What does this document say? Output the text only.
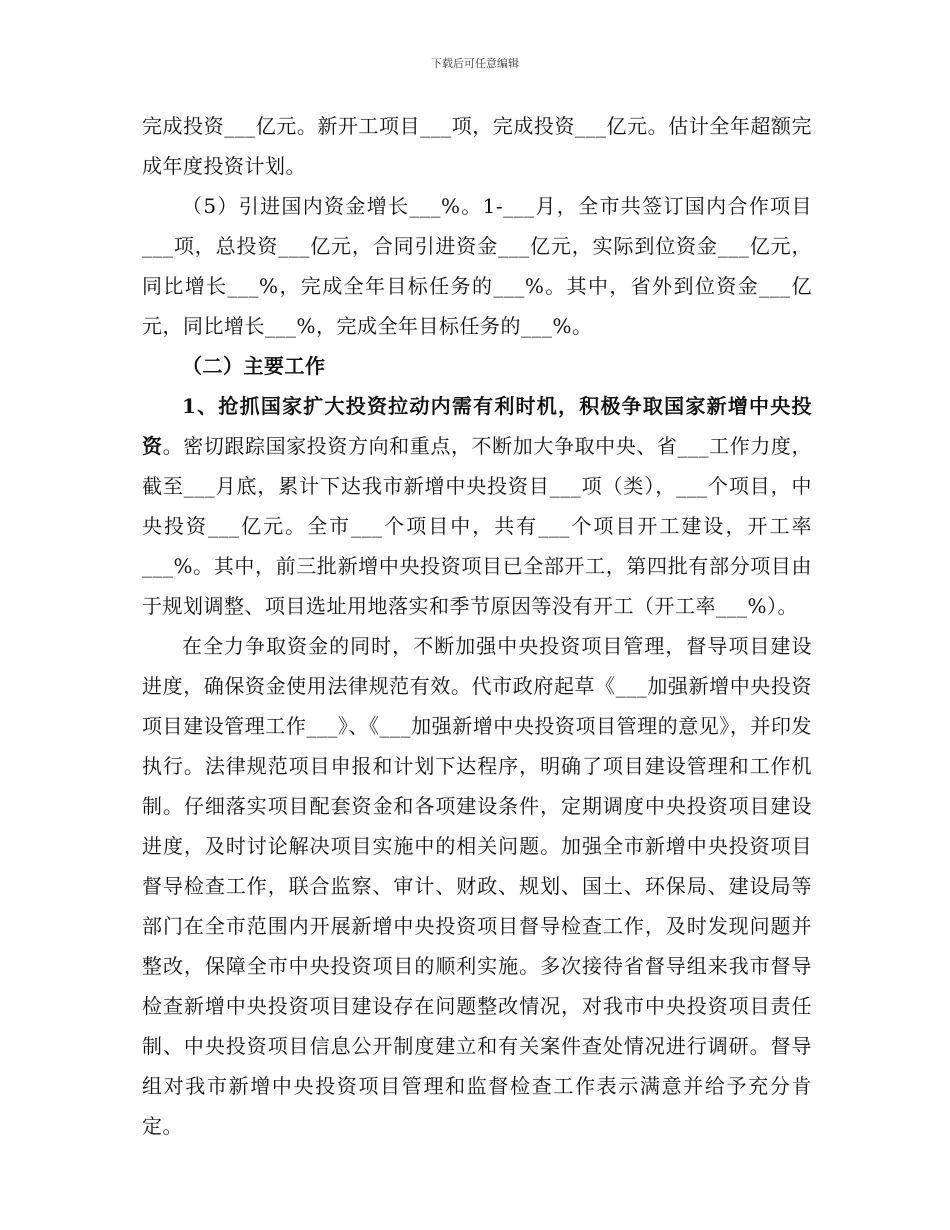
下载后可任意编辑

完成投资___亿元。新开工项目___项，完成投资___亿元。估计全年超额完成年度投资计划。

（5）引进国内资金增长___%。1-___月，全市共签订国内合作项目___项，总投资___亿元，合同引进资金___亿元，实际到位资金___亿元，同比增长___%，完成全年目标任务的___%。其中，省外到位资金___亿元，同比增长___%，完成全年目标任务的___%。

（二）主要工作

1、抢抓国家扩大投资拉动内需有利时机，积极争取国家新增中央投资。密切跟踪国家投资方向和重点，不断加大争取中央、省___工作力度，截至___月底，累计下达我市新增中央投资目___项（类），___个项目，中央投资___亿元。全市___个项目中，共有___个项目开工建设，开工率___%。其中，前三批新增中央投资项目已全部开工，第四批有部分项目由于规划调整、项目选址用地落实和季节原因等没有开工（开工率___%）。

在全力争取资金的同时，不断加强中央投资项目管理，督导项目建设进度，确保资金使用法律规范有效。代市政府起草《___加强新增中央投资项目建设管理工作___》、《___加强新增中央投资项目管理的意见》，并印发执行。法律规范项目申报和计划下达程序，明确了项目建设管理和工作机制。仔细落实项目配套资金和各项建设条件，定期调度中央投资项目建设进度，及时讨论解决项目实施中的相关问题。加强全市新增中央投资项目督导检查工作，联合监察、审计、财政、规划、国土、环保局、建设局等部门在全市范围内开展新增中央投资项目督导检查工作，及时发现问题并整改，保障全市中央投资项目的顺利实施。多次接待省督导组来我市督导检查新增中央投资项目建设存在问题整改情况，对我市中央投资项目责任制、中央投资项目信息公开制度建立和有关案件查处情况进行调研。督导组对我市新增中央投资项目管理和监督检查工作表示满意并给予充分肯定。
